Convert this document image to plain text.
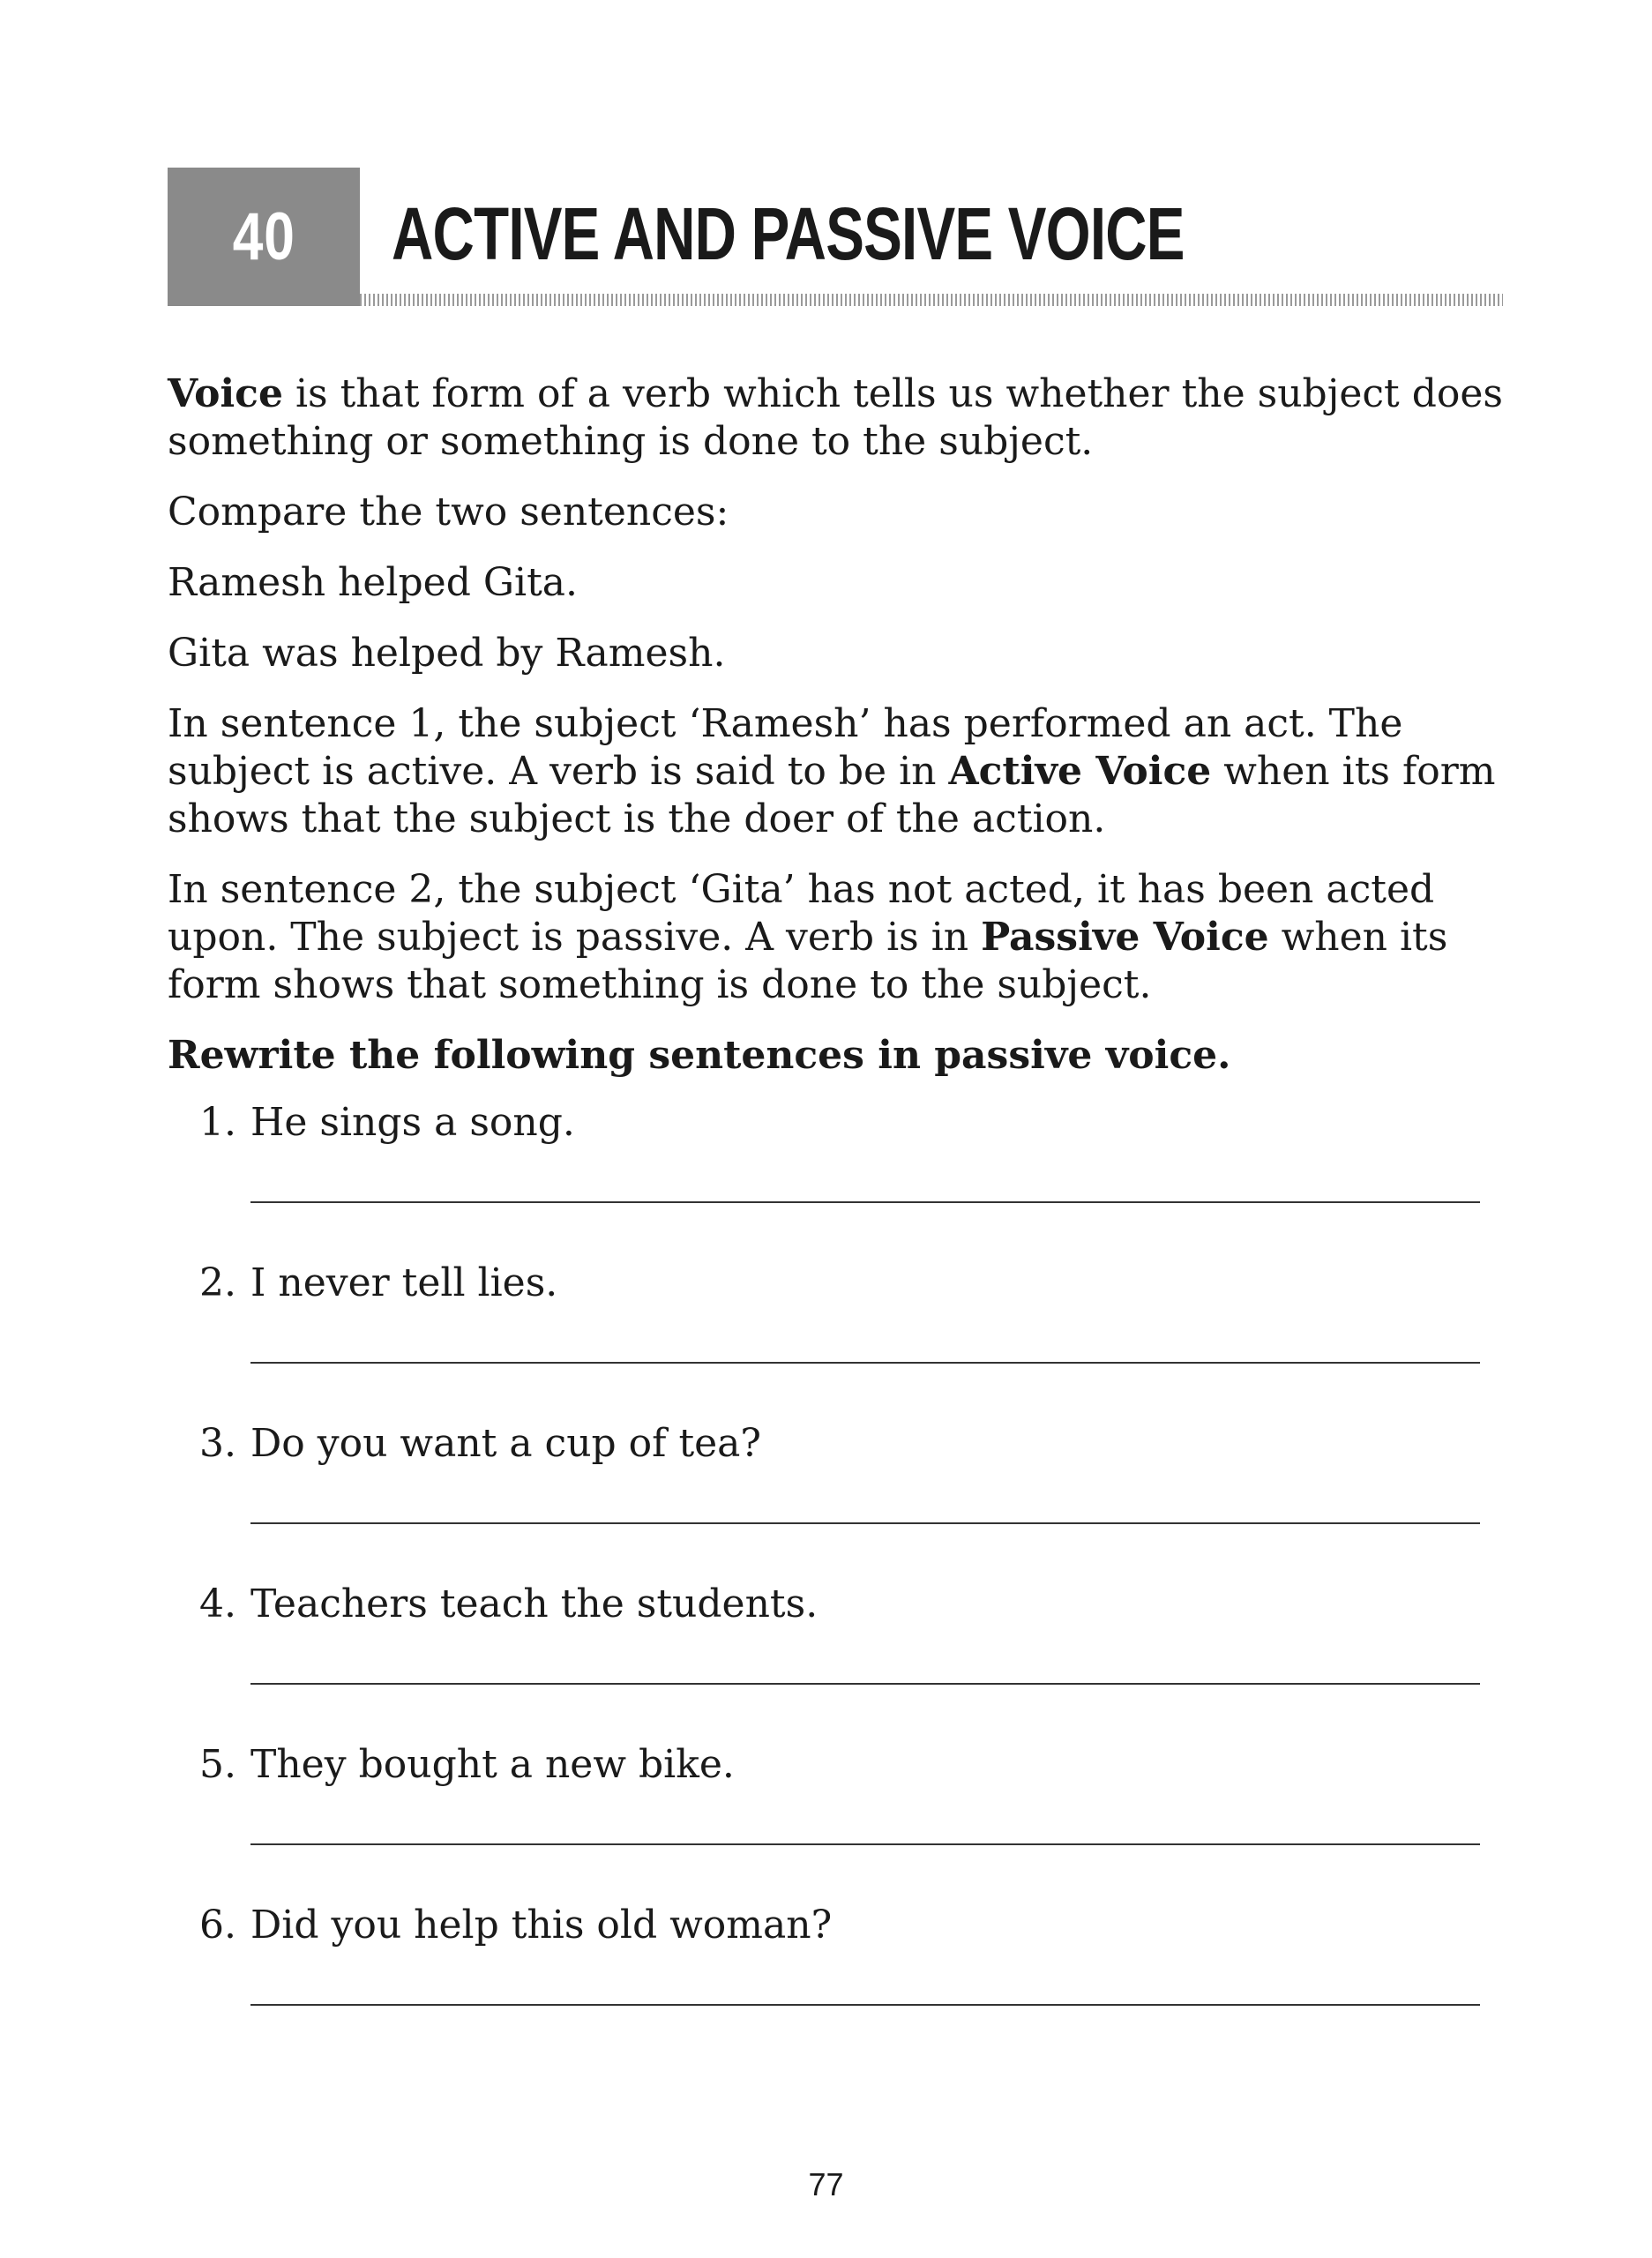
40 ACTIVE AND PASSIVE VOICE

Voice is that form of a verb which tells us whether the subject does something or something is done to the subject.

Compare the two sentences:

Ramesh helped Gita.

Gita was helped by Ramesh.

In sentence 1, the subject ‘Ramesh’ has performed an act. The subject is active. A verb is said to be in Active Voice when its form shows that the subject is the doer of the action.

In sentence 2, the subject ‘Gita’ has not acted, it has been acted upon. The subject is passive. A verb is in Passive Voice when its form shows that something is done to the subject.

Rewrite the following sentences in passive voice.

1. He sings a song.
2. I never tell lies.
3. Do you want a cup of tea?
4. Teachers teach the students.
5. They bought a new bike.
6. Did you help this old woman?
77
